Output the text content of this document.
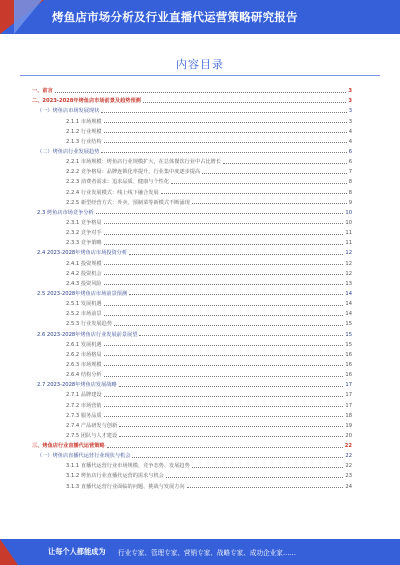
烤鱼店市场分析及行业直播代运营策略研究报告
内容目录
一、前言	3
二、2023-2028年烤鱼店市场前景及趋势预测	3
（一）烤鱼店市场发展现状	3
2.1.1 市场规模	3
2.1.2 行业规模	4
2.1.3 行业结构	4
（二）烤鱼店行业发展趋势	6
2.2.1 市场规模：烤鱼店行业规模扩大，在总体餐饮行业中占比增长	6
2.2.2 竞争格局：品牌连锁化率提升，行业集中度逐步提高	7
2.2.3 消费者需求：追求品质、健康与个性化	8
2.2.4 行业发展模式：线上线下融合发展	8
2.2.5 新型经营方式：外卖、预制菜等新模式不断涌现	9
2.3 烤鱼店市场竞争分析	10
2.3.1 竞争格局	10
2.3.2 竞争对手	11
2.3.3 竞争策略	11
2.4 2023-2028年烤鱼店市场投资分析	12
2.4.1 投资规模	12
2.4.2 投资机会	12
2.4.3 投资风险	13
2.5 2023-2028年烤鱼店市场前景预测	14
2.5.1 发展机遇	14
2.5.2 市场前景	14
2.5.3 行业发展趋势	15
2.6 2023-2028年烤鱼店行业发展前景展望	15
2.6.1 发展机遇	15
2.6.2 市场格局	16
2.6.3 市场规模	16
2.6.4 结构分析	16
2.7 2023-2028年烤鱼店发展战略	17
2.7.1 品牌建设	17
2.7.2 市场营销	17
2.7.3 服务品质	18
2.7.4 产品研发与创新	19
2.7.5 团队与人才建设	20
三、烤鱼店行业直播代运营策略	22
（一）烤鱼店直播代运营行业现状与机会	22
3.1.1 直播代运营行业市场规模、竞争态势、发展趋势	22
3.1.2 烤鱼店行业直播代运营的需求与机会	23
3.1.3 直播代运营行业面临的问题、挑战与发展方向	24
让每个人都能成为 行业专家、管理专家、营销专家、战略专家、成功企业家……
